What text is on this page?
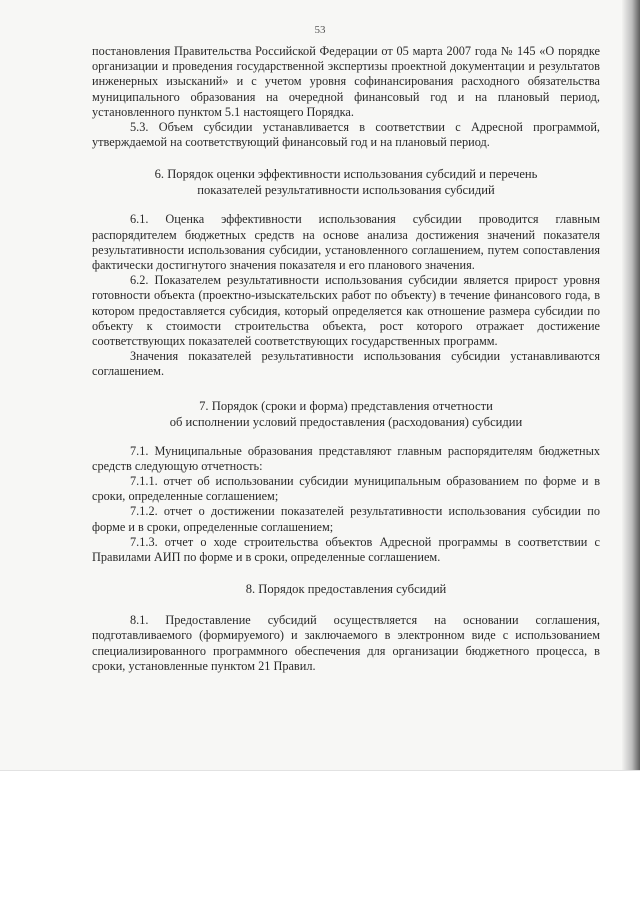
53

постановления Правительства Российской Федерации от 05 марта 2007 года № 145 «О порядке организации и проведения государственной экспертизы проектной документации и результатов инженерных изысканий» и с учетом уровня софинансирования расходного обязательства муниципального образования на очередной финансовый год и на плановый период, установленного пунктом 5.1 настоящего Порядка.

5.3. Объем субсидии устанавливается в соответствии с Адресной программой, утверждаемой на соответствующий финансовый год и на плановый период.

6. Порядок оценки эффективности использования субсидий и перечень
показателей результативности использования субсидий

6.1. Оценка эффективности использования субсидии проводится главным распорядителем бюджетных средств на основе анализа достижения значений показателя результативности использования субсидии, установленного соглашением, путем сопоставления фактически достигнутого значения показателя и его планового значения.

6.2. Показателем результативности использования субсидии является прирост уровня готовности объекта (проектно-изыскательских работ по объекту) в течение финансового года, в котором предоставляется субсидия, который определяется как отношение размера субсидии по объекту к стоимости строительства объекта, рост которого отражает достижение соответствующих показателей соответствующих государственных программ.

Значения показателей результативности использования субсидии устанавливаются соглашением.

7. Порядок (сроки и форма) представления отчетности
об исполнении условий предоставления (расходования) субсидии

7.1. Муниципальные образования представляют главным распорядителям бюджетных средств следующую отчетность:

7.1.1. отчет об использовании субсидии муниципальным образованием по форме и в сроки, определенные соглашением;

7.1.2. отчет о достижении показателей результативности использования субсидии по форме и в сроки, определенные соглашением;

7.1.3. отчет о ходе строительства объектов Адресной программы в соответствии с Правилами АИП по форме и в сроки, определенные соглашением.

8. Порядок предоставления субсидий

8.1. Предоставление субсидий осуществляется на основании соглашения, подготавливаемого (формируемого) и заключаемого в электронном виде с использованием специализированного программного обеспечения для организации бюджетного процесса, в сроки, установленные пунктом 21 Правил.
